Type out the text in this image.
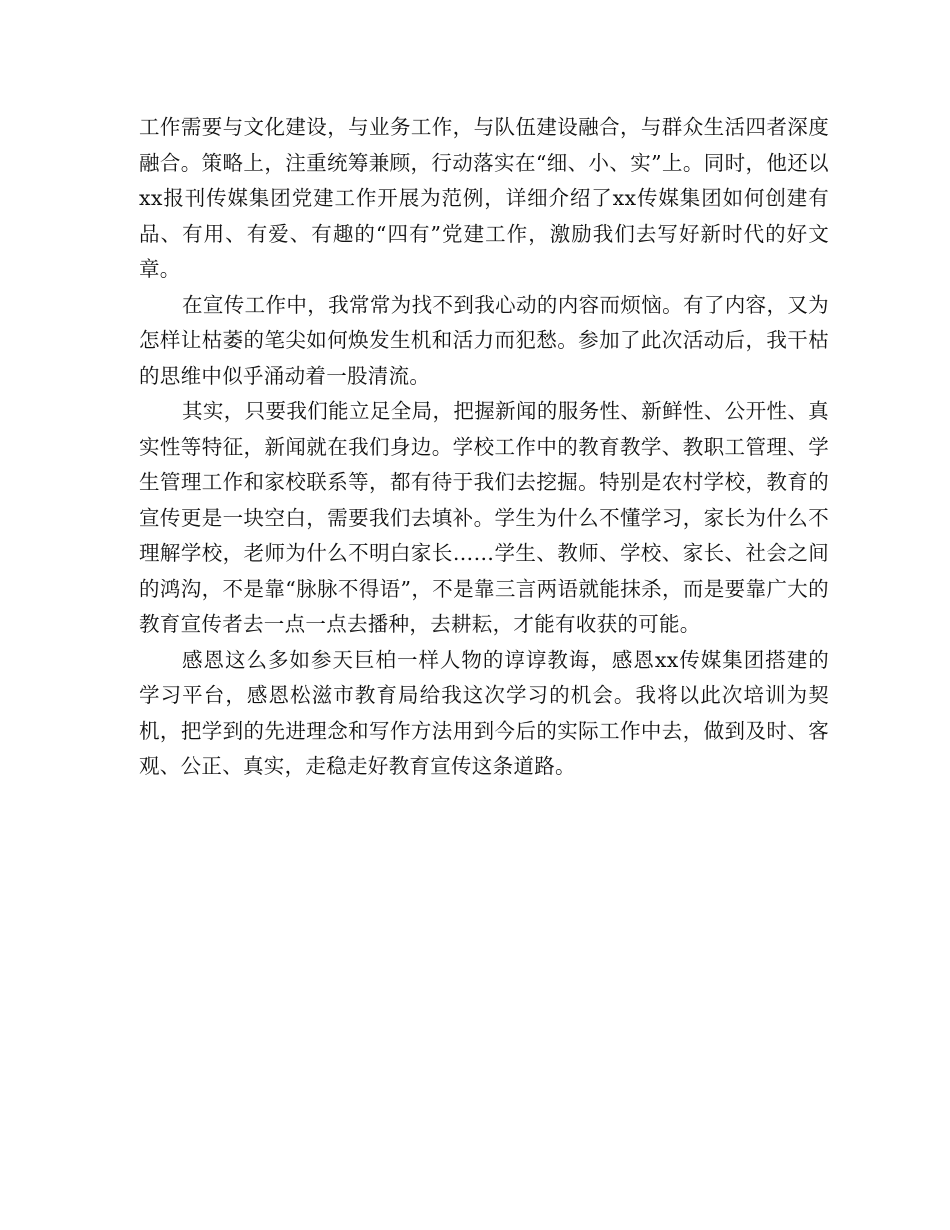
工作需要与文化建设，与业务工作，与队伍建设融合，与群众生活四者深度融合。策略上，注重统筹兼顾，行动落实在“细、小、实”上。同时，他还以xx报刊传媒集团党建工作开展为范例，详细介绍了xx传媒集团如何创建有品、有用、有爱、有趣的“四有”党建工作，激励我们去写好新时代的好文章。

在宣传工作中，我常常为找不到我心动的内容而烦恼。有了内容，又为怎样让枯萎的笔尖如何焕发生机和活力而犯愁。参加了此次活动后，我干枯的思维中似乎涌动着一股清流。

其实，只要我们能立足全局，把握新闻的服务性、新鲜性、公开性、真实性等特征，新闻就在我们身边。学校工作中的教育教学、教职工管理、学生管理工作和家校联系等，都有待于我们去挖掘。特别是农村学校，教育的宣传更是一块空白，需要我们去填补。学生为什么不懂学习，家长为什么不理解学校，老师为什么不明白家长……学生、教师、学校、家长、社会之间的鸿沟，不是靠“脉脉不得语”，不是靠三言两语就能抹杀，而是要靠广大的教育宣传者去一点一点去播种，去耕耘，才能有收获的可能。

感恩这么多如参天巨柏一样人物的谆谆教诲，感恩xx传媒集团搭建的学习平台，感恩松滋市教育局给我这次学习的机会。我将以此次培训为契机，把学到的先进理念和写作方法用到今后的实际工作中去，做到及时、客观、公正、真实，走稳走好教育宣传这条道路。
